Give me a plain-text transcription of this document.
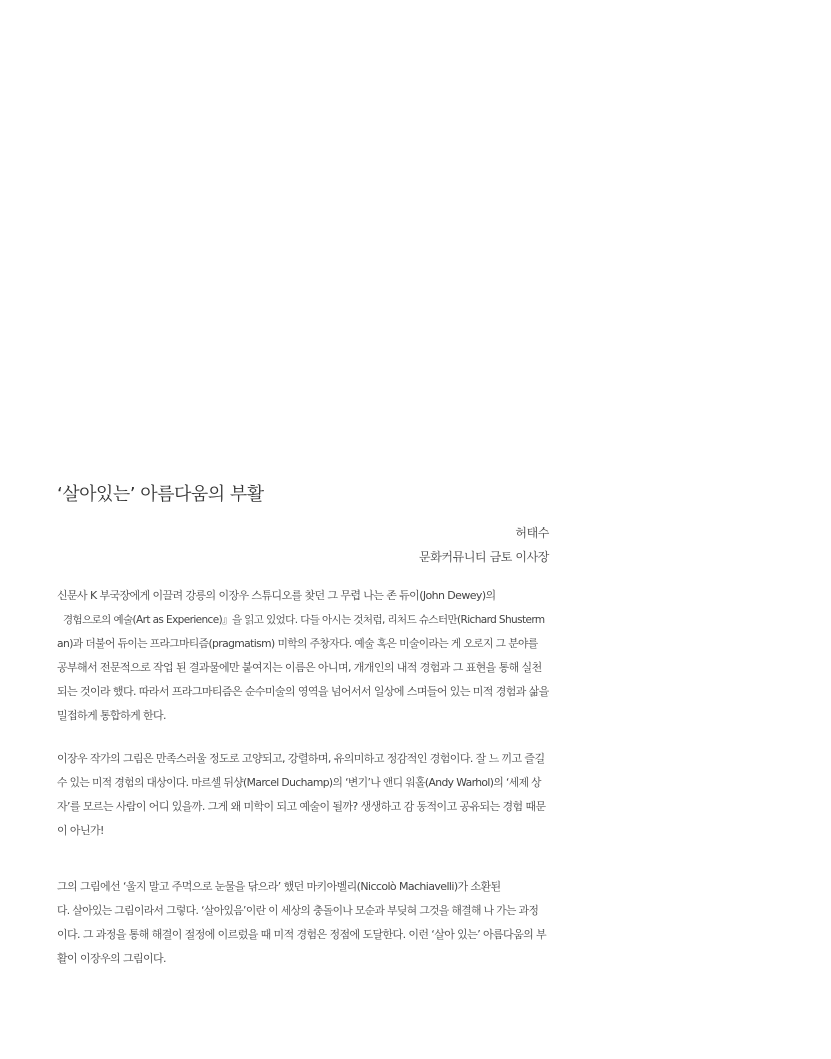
‘살아있는’ 아름다움의 부활
허태수
문화커뮤니티 금토 이사장
신문사 K 부국장에게 이끌려 강릉의 이장우 스튜디오를 찾던 그 무렵 나는 존 듀이(John Dewey)의
경험으로의 예술(Art as Experience)』을 읽고 있었다. 다들 아시는 것처럼, 리처드 슈스터만(Richard Shusterm
an)과 더불어 듀이는 프라그마티즘(pragmatism) 미학의 주창자다. 예술 혹은 미술이라는 게 오로지 그 분야를
공부해서 전문적으로 작업 된 결과물에만 붙여지는 이름은 아니며, 개개인의 내적 경험과 그 표현을 통해 실천
되는 것이라 했다. 따라서 프라그마티즘은 순수미술의 영역을 넘어서서 일상에 스며들어 있는 미적 경험과 삶을
밀접하게 통합하게 한다.
이장우 작가의 그림은 만족스러울 정도로 고양되고, 강렬하며, 유의미하고 정감적인 경험이다. 잘 느 끼고 즐길
수 있는 미적 경험의 대상이다. 마르셀 뒤샹(Marcel Duchamp)의 ‘변기’나 앤디 워홀(Andy Warhol)의 ‘세제 상
자’를 모르는 사람이 어디 있을까. 그게 왜 미학이 되고 예술이 될까? 생생하고 감 동적이고 공유되는 경험 때문
이 아닌가!
그의 그림에선 ‘울지 말고 주먹으로 눈물을 닦으라’ 했던 마키아벨리(Niccolò Machiavelli)가 소환된
다. 살아있는 그림이라서 그렇다. ‘살아있음’이란 이 세상의 충돌이나 모순과 부딪혀 그것을 해결해 나 가는 과정
이다. 그 과정을 통해 해결이 절정에 이르렀을 때 미적 경험은 정점에 도달한다. 이런 ‘살아 있는’ 아름다움의 부
활이 이장우의 그림이다.
